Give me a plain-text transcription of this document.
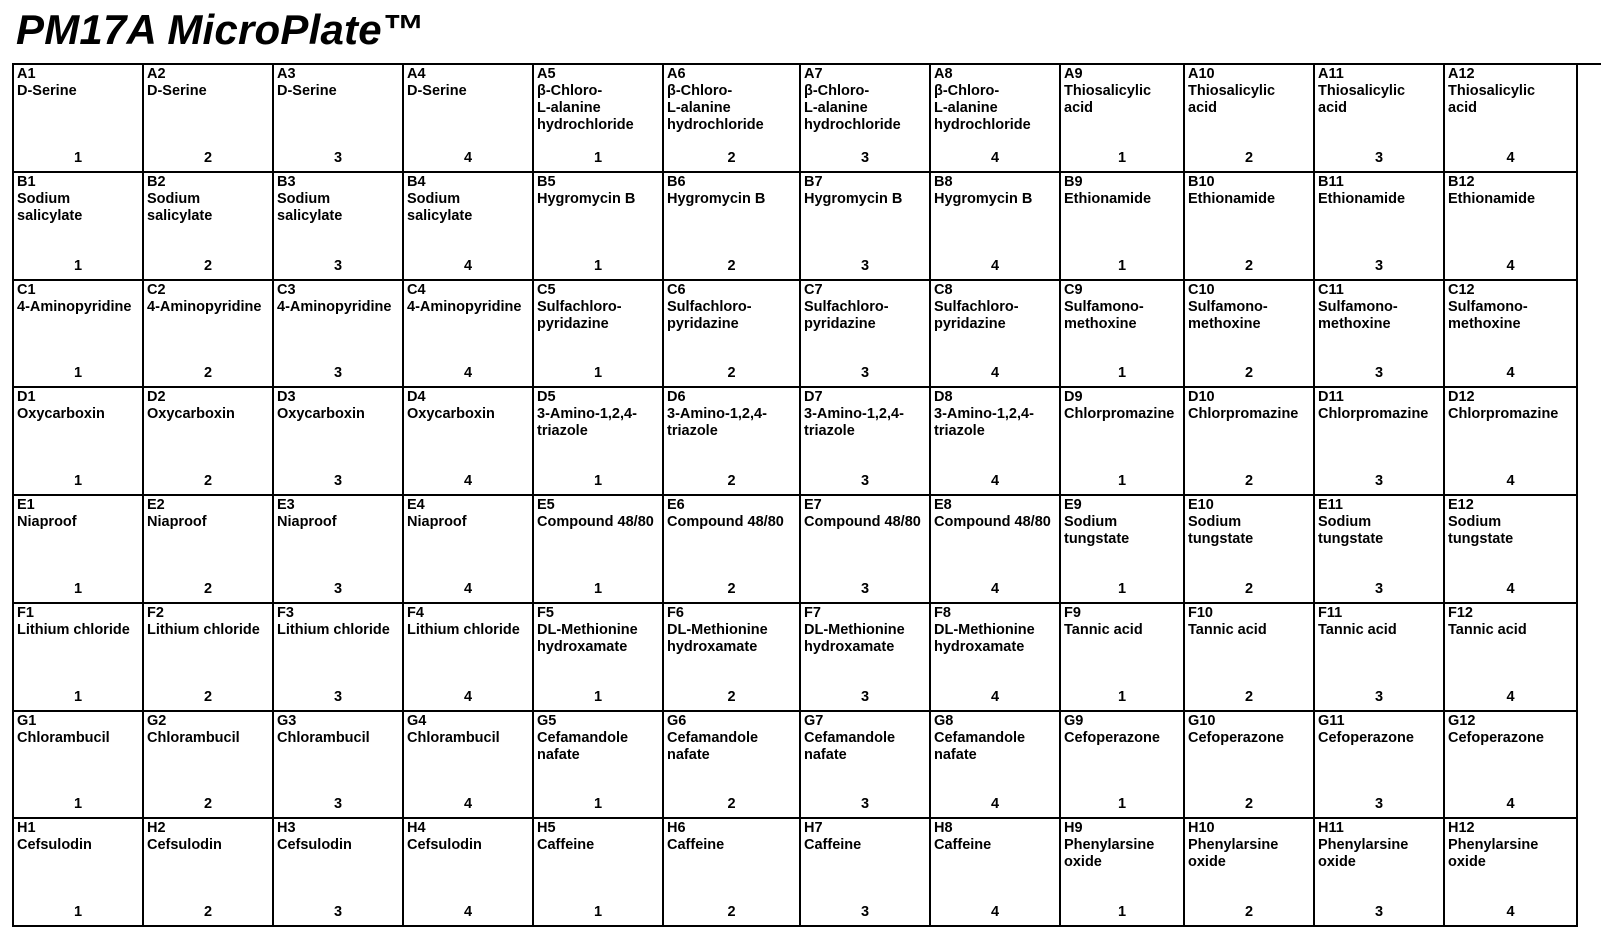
PM17A MicroPlate™
A1
D-Serine
1
A2
D-Serine
2
A3
D-Serine
3
A4
D-Serine
4
A5
β-Chloro-
L-alanine
hydrochloride
1
A6
β-Chloro-
L-alanine
hydrochloride
2
A7
β-Chloro-
L-alanine
hydrochloride
3
A8
β-Chloro-
L-alanine
hydrochloride
4
A9
Thiosalicylic
acid
1
A10
Thiosalicylic
acid
2
A11
Thiosalicylic
acid
3
A12
Thiosalicylic
acid
4
B1
Sodium
salicylate
1
B2
Sodium
salicylate
2
B3
Sodium
salicylate
3
B4
Sodium
salicylate
4
B5
Hygromycin B
1
B6
Hygromycin B
2
B7
Hygromycin B
3
B8
Hygromycin B
4
B9
Ethionamide
1
B10
Ethionamide
2
B11
Ethionamide
3
B12
Ethionamide
4
C1
4-Aminopyridine
1
C2
4-Aminopyridine
2
C3
4-Aminopyridine
3
C4
4-Aminopyridine
4
C5
Sulfachloro-
pyridazine
1
C6
Sulfachloro-
pyridazine
2
C7
Sulfachloro-
pyridazine
3
C8
Sulfachloro-
pyridazine
4
C9
Sulfamono-
methoxine
1
C10
Sulfamono-
methoxine
2
C11
Sulfamono-
methoxine
3
C12
Sulfamono-
methoxine
4
D1
Oxycarboxin
1
D2
Oxycarboxin
2
D3
Oxycarboxin
3
D4
Oxycarboxin
4
D5
3-Amino-1,2,4-
triazole
1
D6
3-Amino-1,2,4-
triazole
2
D7
3-Amino-1,2,4-
triazole
3
D8
3-Amino-1,2,4-
triazole
4
D9
Chlorpromazine
1
D10
Chlorpromazine
2
D11
Chlorpromazine
3
D12
Chlorpromazine
4
E1
Niaproof
1
E2
Niaproof
2
E3
Niaproof
3
E4
Niaproof
4
E5
Compound 48/80
1
E6
Compound 48/80
2
E7
Compound 48/80
3
E8
Compound 48/80
4
E9
Sodium
tungstate
1
E10
Sodium
tungstate
2
E11
Sodium
tungstate
3
E12
Sodium
tungstate
4
F1
Lithium chloride
1
F2
Lithium chloride
2
F3
Lithium chloride
3
F4
Lithium chloride
4
F5
DL-Methionine
hydroxamate
1
F6
DL-Methionine
hydroxamate
2
F7
DL-Methionine
hydroxamate
3
F8
DL-Methionine
hydroxamate
4
F9
Tannic acid
1
F10
Tannic acid
2
F11
Tannic acid
3
F12
Tannic acid
4
G1
Chlorambucil
1
G2
Chlorambucil
2
G3
Chlorambucil
3
G4
Chlorambucil
4
G5
Cefamandole
nafate
1
G6
Cefamandole
nafate
2
G7
Cefamandole
nafate
3
G8
Cefamandole
nafate
4
G9
Cefoperazone
1
G10
Cefoperazone
2
G11
Cefoperazone
3
G12
Cefoperazone
4
H1
Cefsulodin
1
H2
Cefsulodin
2
H3
Cefsulodin
3
H4
Cefsulodin
4
H5
Caffeine
1
H6
Caffeine
2
H7
Caffeine
3
H8
Caffeine
4
H9
Phenylarsine
oxide
1
H10
Phenylarsine
oxide
2
H11
Phenylarsine
oxide
3
H12
Phenylarsine
oxide
4
